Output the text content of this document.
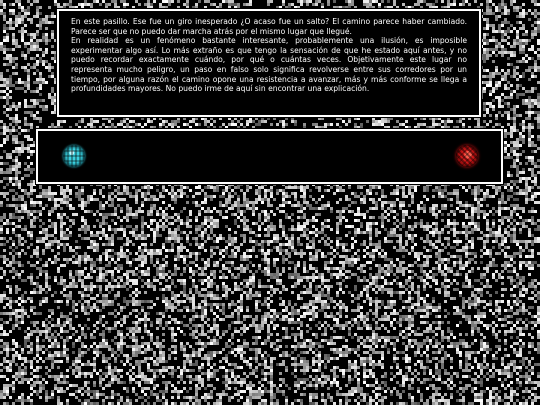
En este pasillo. Ese fue un giro inesperado ¿O acaso fue un salto? El camino parece haber cambiado. Parece ser que no puedo dar marcha atrás por el mismo lugar que llegué.

En realidad es un fenómeno bastante interesante, probablemente una ilusión, es imposible experimentar algo así. Lo más extraño es que tengo la sensación de que he estado aquí antes, y no puedo recordar exactamente cuándo, por qué o cuántas veces. Objetivamente este lugar no representa mucho peligro, un paso en falso solo significa revolverse entre sus corredores por un tiempo, por alguna razón el camino opone una resistencia a avanzar, más y más conforme se llega a profundidades mayores. No puedo irme de aquí sin encontrar una explicación.
